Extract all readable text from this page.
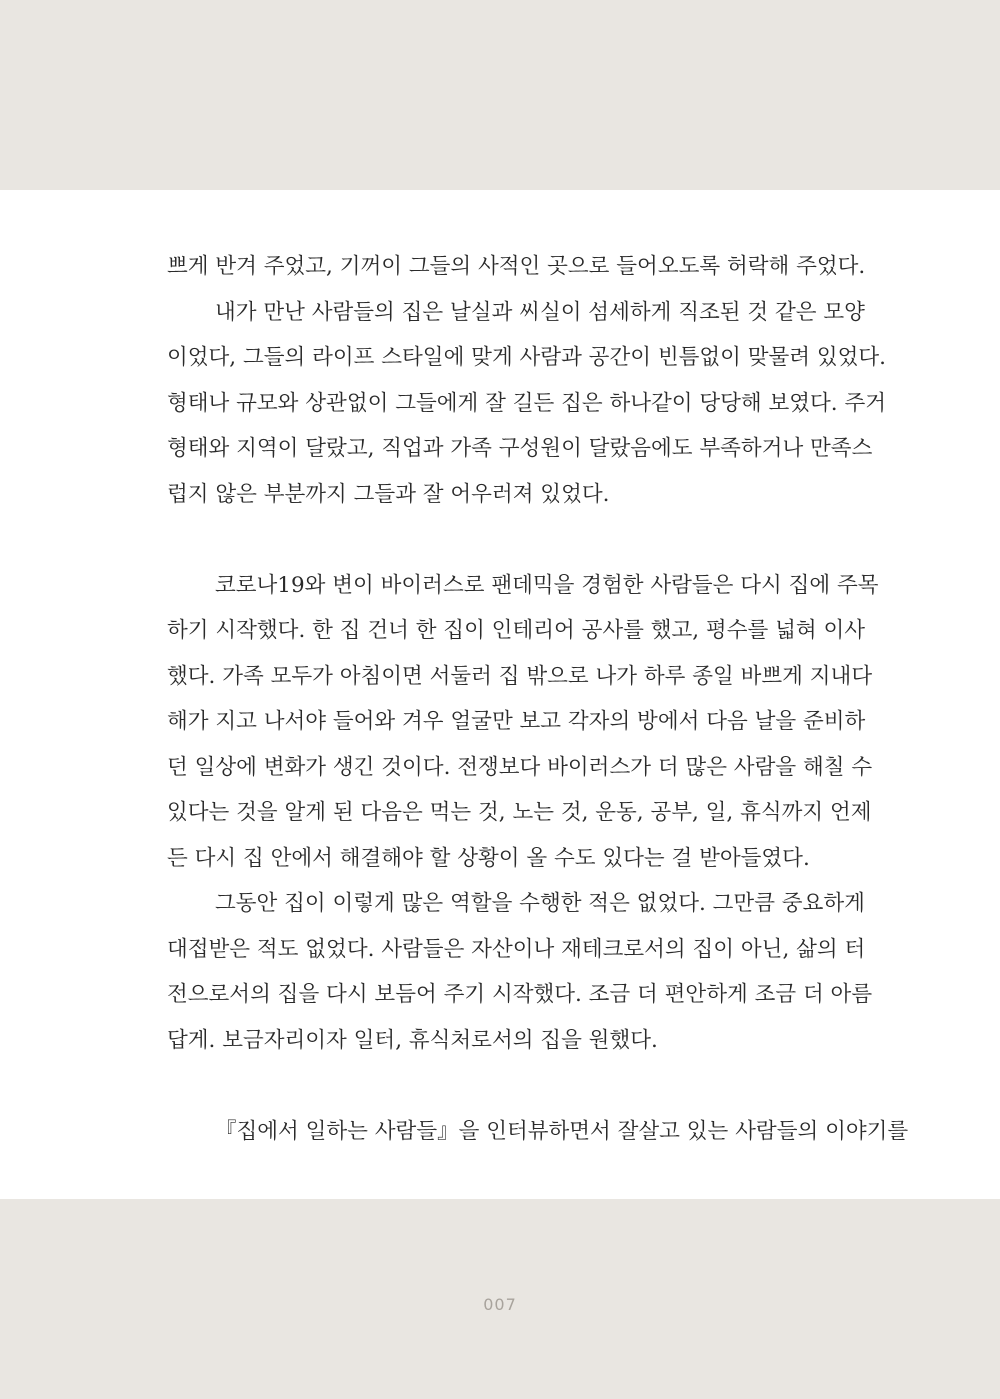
쁘게 반겨 주었고, 기꺼이 그들의 사적인 곳으로 들어오도록 허락해 주었다.
내가 만난 사람들의 집은 날실과 씨실이 섬세하게 직조된 것 같은 모양
이었다, 그들의 라이프 스타일에 맞게 사람과 공간이 빈틈없이 맞물려 있었다.
형태나 규모와 상관없이 그들에게 잘 길든 집은 하나같이 당당해 보였다. 주거
형태와 지역이 달랐고, 직업과 가족 구성원이 달랐음에도 부족하거나 만족스
럽지 않은 부분까지 그들과 잘 어우러져 있었다.
코로나19와 변이 바이러스로 팬데믹을 경험한 사람들은 다시 집에 주목
하기 시작했다. 한 집 건너 한 집이 인테리어 공사를 했고, 평수를 넓혀 이사
했다. 가족 모두가 아침이면 서둘러 집 밖으로 나가 하루 종일 바쁘게 지내다
해가 지고 나서야 들어와 겨우 얼굴만 보고 각자의 방에서 다음 날을 준비하
던 일상에 변화가 생긴 것이다. 전쟁보다 바이러스가 더 많은 사람을 해칠 수
있다는 것을 알게 된 다음은 먹는 것, 노는 것, 운동, 공부, 일, 휴식까지 언제
든 다시 집 안에서 해결해야 할 상황이 올 수도 있다는 걸 받아들였다.
그동안 집이 이렇게 많은 역할을 수행한 적은 없었다. 그만큼 중요하게
대접받은 적도 없었다. 사람들은 자산이나 재테크로서의 집이 아닌, 삶의 터
전으로서의 집을 다시 보듬어 주기 시작했다. 조금 더 편안하게 조금 더 아름
답게. 보금자리이자 일터, 휴식처로서의 집을 원했다.
『집에서 일하는 사람들』을 인터뷰하면서 잘살고 있는 사람들의 이야기를
007
